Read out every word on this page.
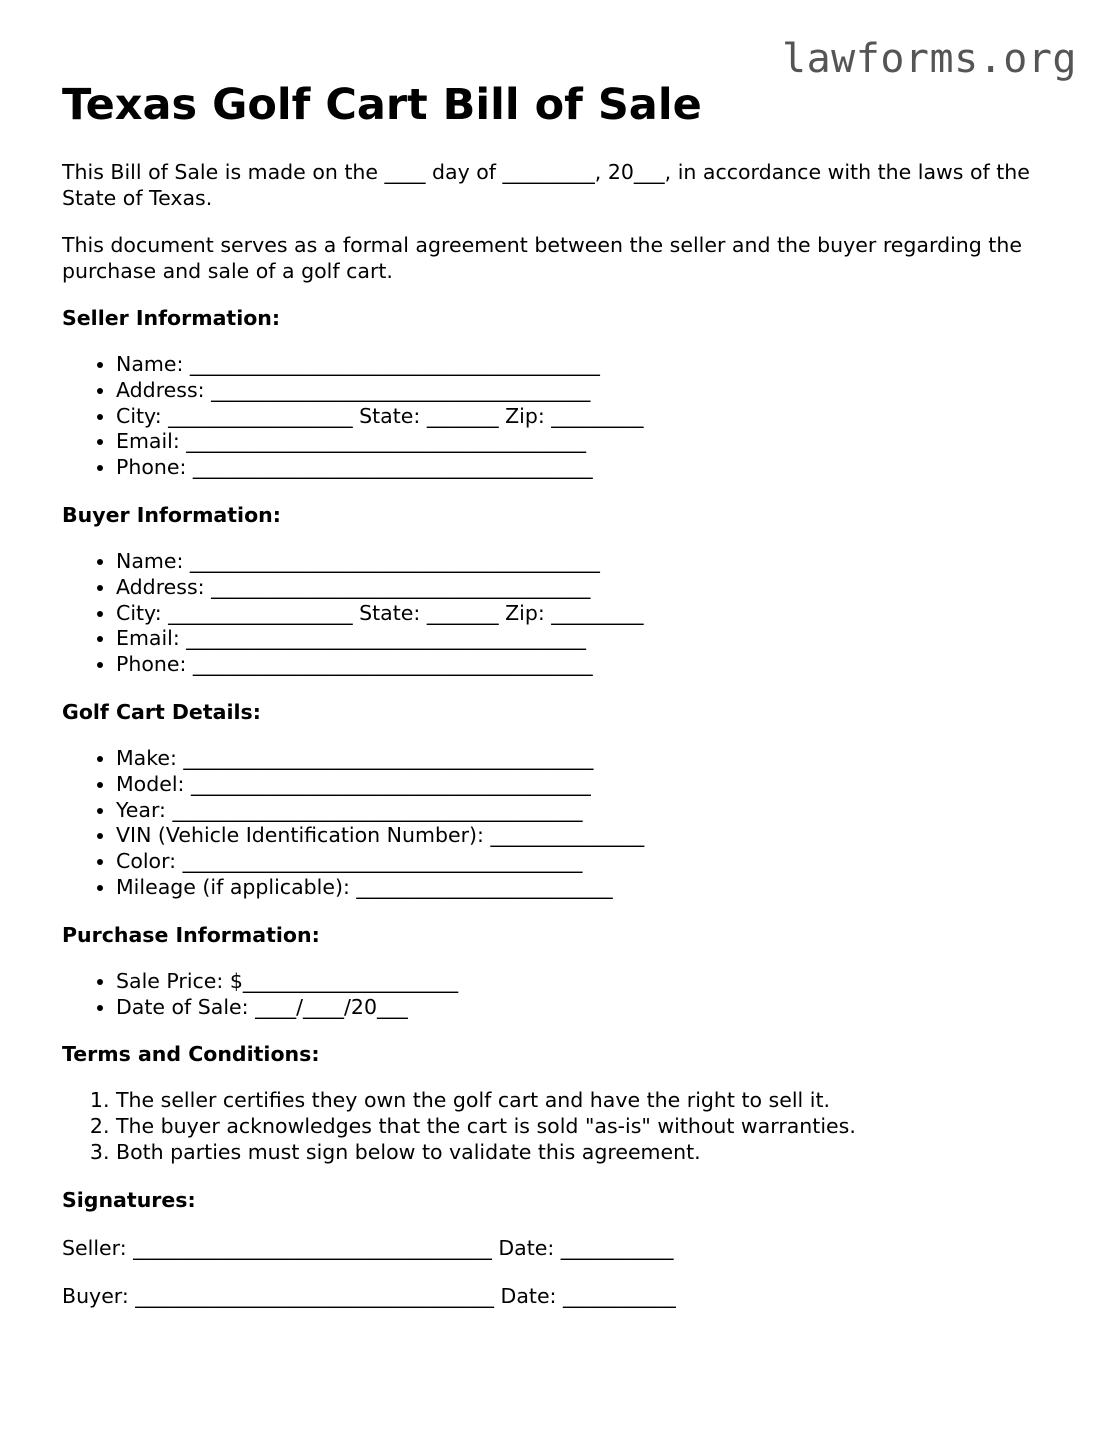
lawforms.org
Texas Golf Cart Bill of Sale

This Bill of Sale is made on the ____ day of _________, 20___, in accordance with the laws of the State of Texas.

This document serves as a formal agreement between the seller and the buyer regarding the purchase and sale of a golf cart.

Seller Information:
• Name: ________________________________________
• Address: _____________________________________
• City: __________________ State: _______ Zip: _________
• Email: _______________________________________
• Phone: _______________________________________
Buyer Information:
• Name: ________________________________________
• Address: _____________________________________
• City: __________________ State: _______ Zip: _________
• Email: _______________________________________
• Phone: _______________________________________
Golf Cart Details:
• Make: ________________________________________
• Model: _______________________________________
• Year: ________________________________________
• VIN (Vehicle Identification Number): _______________
• Color: _______________________________________
• Mileage (if applicable): _________________________
Purchase Information:
• Sale Price: $_____________________
• Date of Sale: ____/____/20___
Terms and Conditions:
1. The seller certifies they own the golf cart and have the right to sell it.
2. The buyer acknowledges that the cart is sold "as-is" without warranties.
3. Both parties must sign below to validate this agreement.
Signatures:
Seller: ___________________________________ Date: ___________
Buyer: ___________________________________ Date: ___________
